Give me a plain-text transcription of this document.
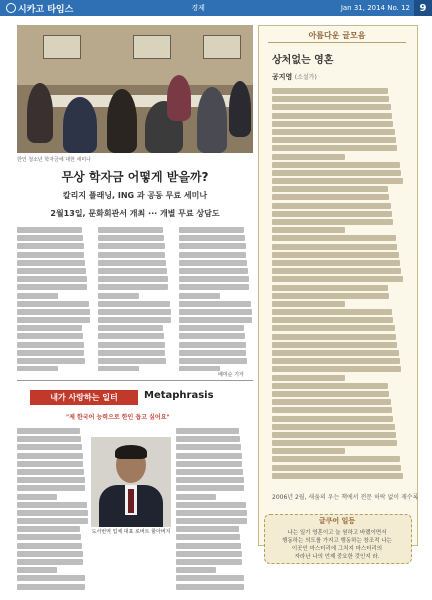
시카고 타임스	경제	Jan 31, 2014 No. 12 9
한인 청소년 학자금에 대한 세미나
무상 학자금 어떻게 받을까?
칼리지 플래닝, ING 과 공동 무료 세미나
2월13일, 문화회관서 개최 ··· 개별 무료 상담도
배미순 기자
아름다운 글모음
상처없는 영혼
공지영 (소설가)
2006년 2월, 새움의 우는 책에서 전문 허락 없이 재수록
글쿠어 일등
나는 일기 영혼이고 늘 원하고 바랬이면서
행동하는 의도를 가지고 행동하는 창조적 나는
이곳인 마스터리에 그처지 마스터리의
자라난 나의 언제 중요한 것인지 라.
내가 사랑하는 일터	Metaphrasis
"제 한국어 능력으로 한인 돕고 싶어요"
도서번역 업체 대표 로버트 할아버지
